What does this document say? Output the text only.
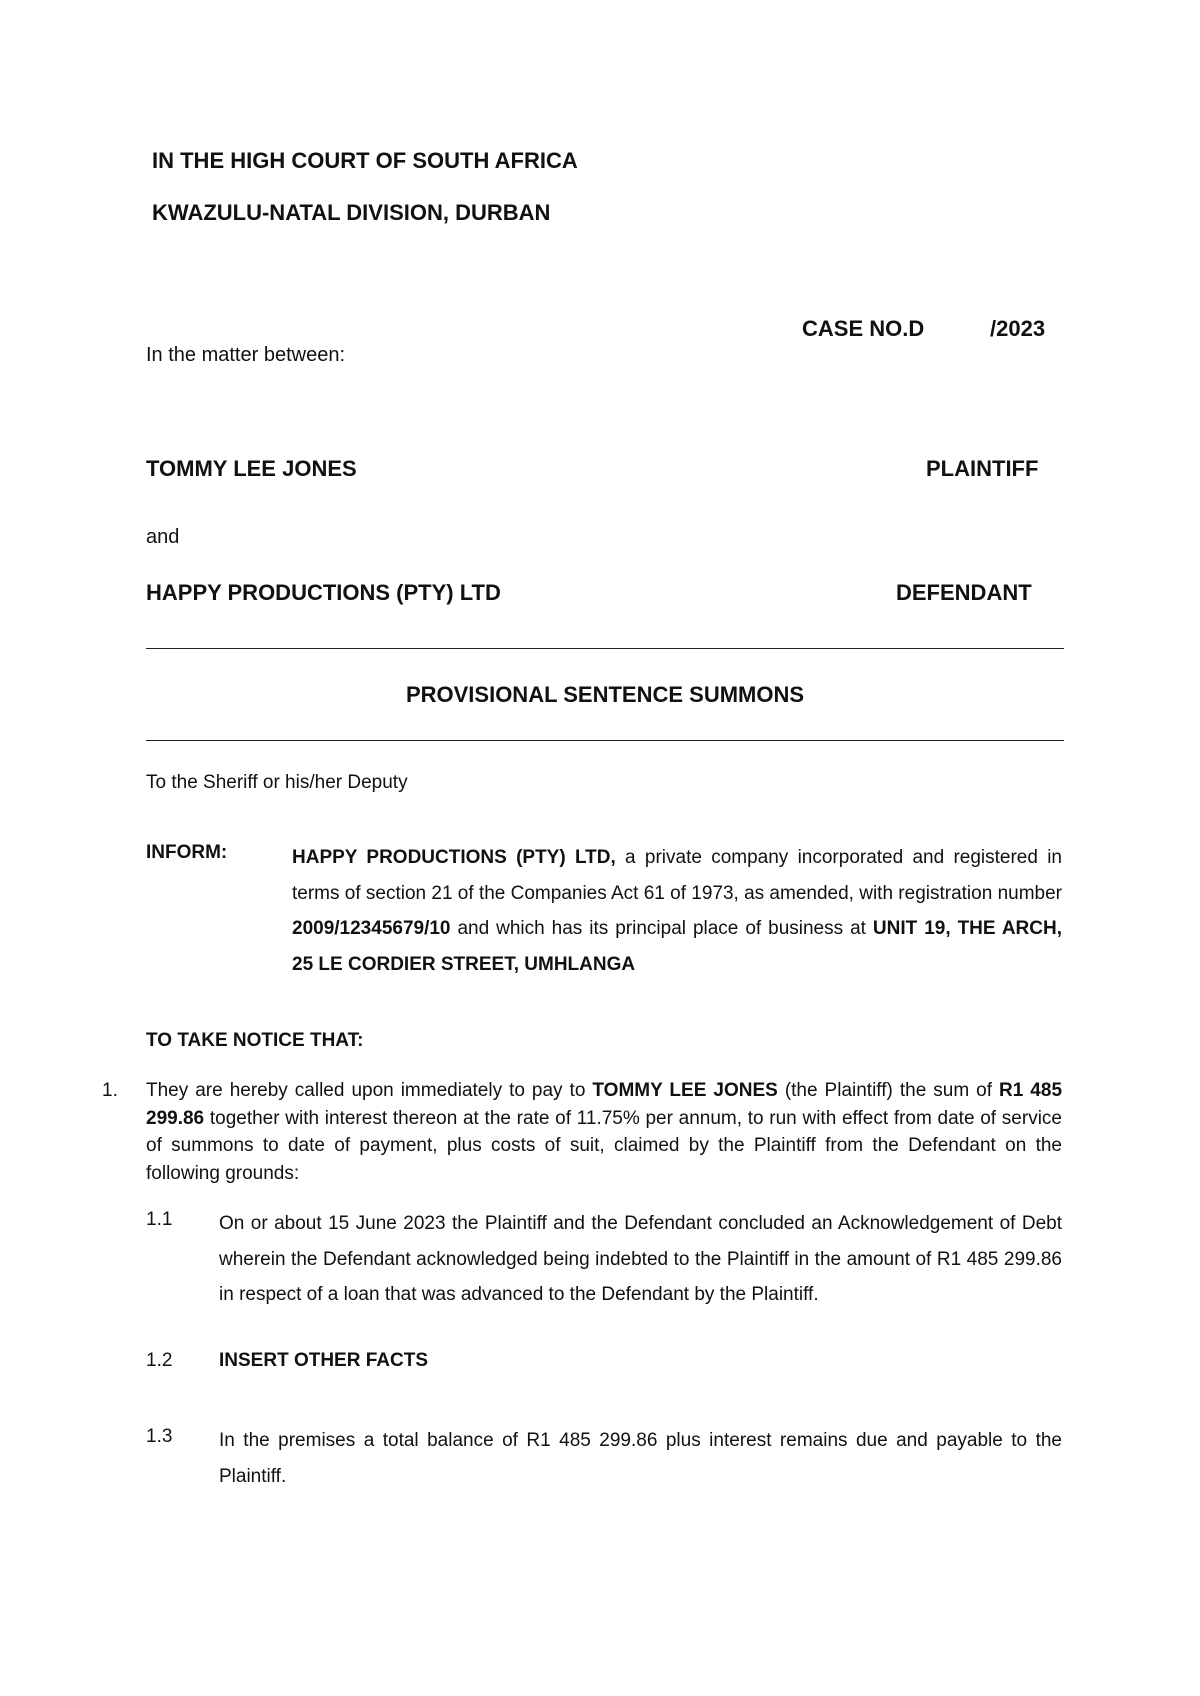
IN THE HIGH COURT OF SOUTH AFRICA
KWAZULU-NATAL DIVISION, DURBAN
CASE NO.D	/2023
In the matter between:
TOMMY LEE JONES	PLAINTIFF
and
HAPPY PRODUCTIONS (PTY) LTD	DEFENDANT
PROVISIONAL SENTENCE SUMMONS
To the Sheriff or his/her Deputy
INFORM:	HAPPY PRODUCTIONS (PTY) LTD, a private company incorporated and registered in terms of section 21 of the Companies Act 61 of 1973, as amended, with registration number 2009/12345679/10 and which has its principal place of business at UNIT 19, THE ARCH, 25 LE CORDIER STREET, UMHLANGA
TO TAKE NOTICE THAT:
1. They are hereby called upon immediately to pay to TOMMY LEE JONES (the Plaintiff) the sum of R1 485 299.86 together with interest thereon at the rate of 11.75% per annum, to run with effect from date of service of summons to date of payment, plus costs of suit, claimed by the Plaintiff from the Defendant on the following grounds:
1.1 On or about 15 June 2023 the Plaintiff and the Defendant concluded an Acknowledgement of Debt wherein the Defendant acknowledged being indebted to the Plaintiff in the amount of R1 485 299.86 in respect of a loan that was advanced to the Defendant by the Plaintiff.
1.2 INSERT OTHER FACTS
1.3 In the premises a total balance of R1 485 299.86 plus interest remains due and payable to the Plaintiff.
